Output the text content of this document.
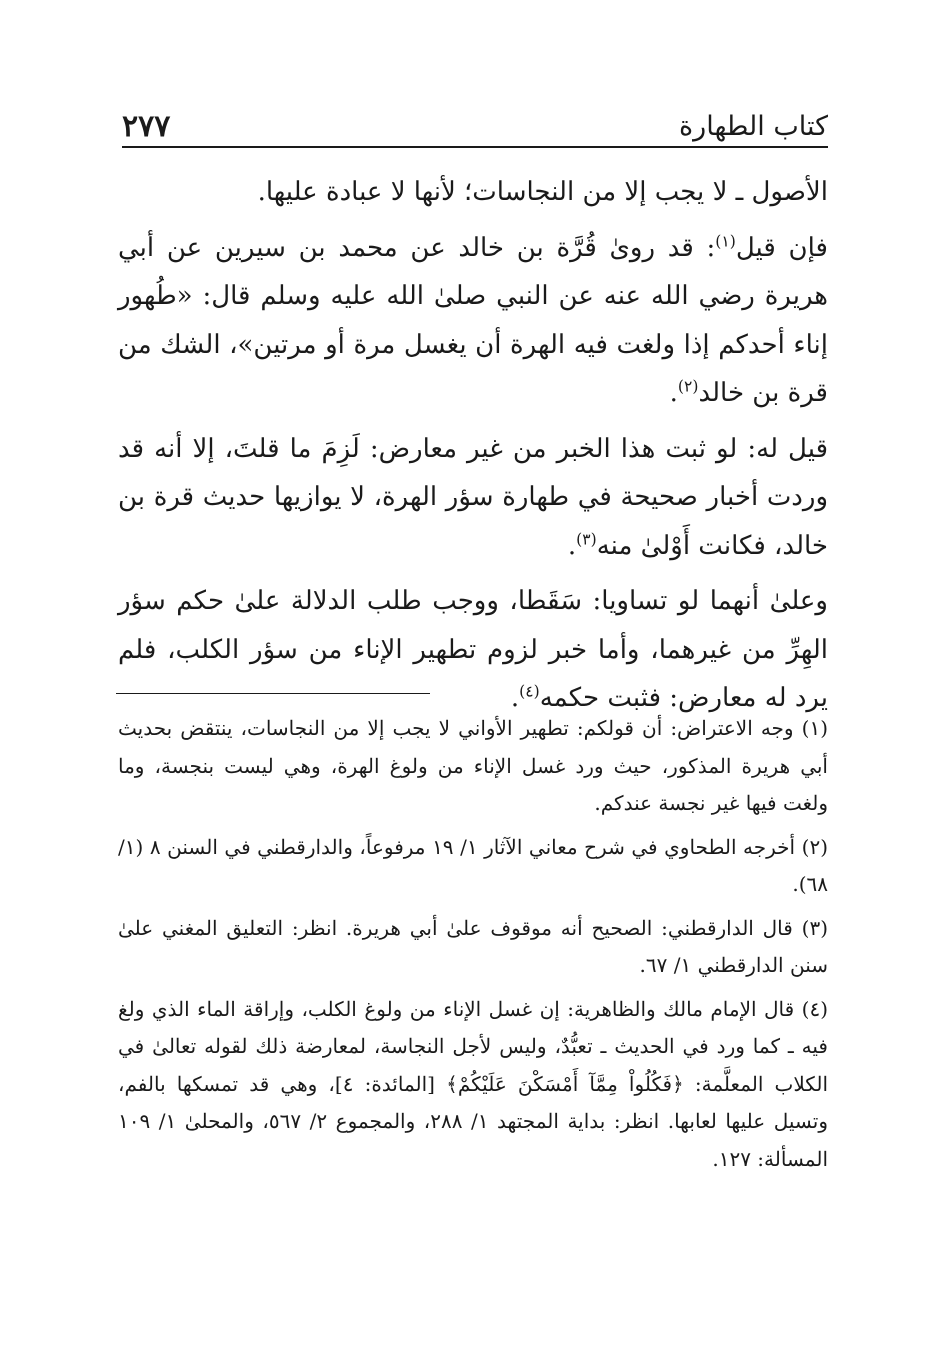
كتاب الطهارة
٢٧٧

الأصول ـ لا يجب إلا من النجاسات؛ لأنها لا عبادة عليها.

فإن قيل$^{(١)}$: قد روىٰ قُرَّة بن خالد عن محمد بن سيرين عن أبي هريرة رضي الله عنه عن النبي صلىٰ الله عليه وسلم قال: «طُهور إناء أحدكم إذا ولغت فيه الهرة أن يغسل مرة أو مرتين»، الشك من قرة بن خالد$^{(٢)}$.

قيل له: لو ثبت هذا الخبر من غير معارض: لَزِمَ ما قلتَ، إلا أنه قد وردت أخبار صحيحة في طهارة سؤر الهرة، لا يوازيها حديث قرة بن خالد، فكانت أَوْلىٰ منه$^{(٣)}$.

وعلىٰ أنهما لو تساويا: سَقَطا، ووجب طلب الدلالة علىٰ حكم سؤر الهِرِّ من غيرهما، وأما خبر لزوم تطهير الإناء من سؤر الكلب، فلم يرد له معارض: فثبت حكمه$^{(٤)}$.

(١) وجه الاعتراض: أن قولكم: تطهير الأواني لا يجب إلا من النجاسات، ينتقض بحديث أبي هريرة المذكور، حيث ورد غسل الإناء من ولوغ الهرة، وهي ليست بنجسة، وما ولغت فيها غير نجسة عندكم.

(٢) أخرجه الطحاوي في شرح معاني الآثار ١/ ١٩ مرفوعاً، والدارقطني في السنن ٨ (١/ ٦٨).

(٣) قال الدارقطني: الصحيح أنه موقوف علىٰ أبي هريرة. انظر: التعليق المغني علىٰ سنن الدارقطني ١/ ٦٧.

(٤) قال الإمام مالك والظاهرية: إن غسل الإناء من ولوغ الكلب، وإراقة الماء الذي ولغ فيه ـ كما ورد في الحديث ـ تعبُّدٌ، وليس لأجل النجاسة، لمعارضة ذلك لقوله تعالىٰ في الكلاب المعلَّمة: ﴿فَكُلُواْ مِمَّآ أَمْسَكْنَ عَلَيْكُمْ﴾ [المائدة: ٤]، وهي قد تمسكها بالفم، وتسيل عليها لعابها. انظر: بداية المجتهد ١/ ٢٨٨، والمجموع ٢/ ٥٦٧، والمحلىٰ ١/ ١٠٩ المسألة: ١٢٧.
